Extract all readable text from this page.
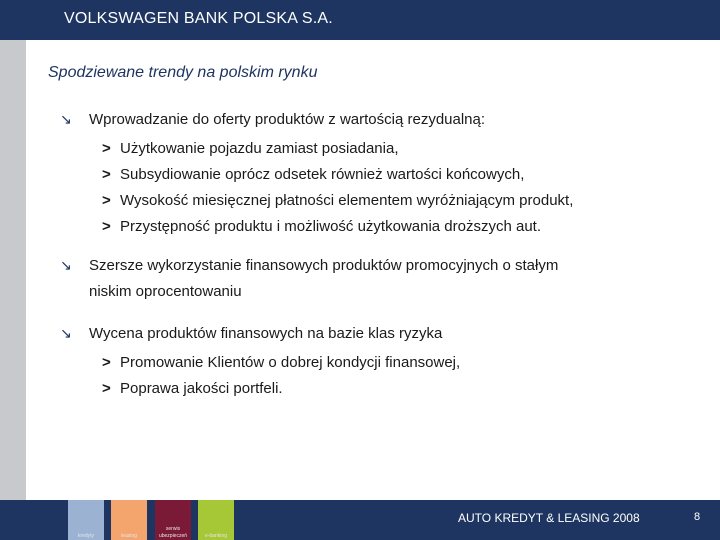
VOLKSWAGEN BANK POLSKA S.A.
Spodziewane trendy na polskim rynku
↘	Wprowadzanie do oferty produktów z wartością rezydualną:
> Użytkowanie pojazdu zamiast posiadania,
> Subsydiowanie oprócz odsetek również wartości końcowych,
> Wysokość miesięcznej płatności elementem wyróżniającym produkt,
> Przystępność produktu i możliwość użytkowania droższych aut.
↘	Szersze wykorzystanie finansowych produktów promocyjnych o stałym
niskim oprocentowaniu
↘	Wycena produktów finansowych na bazie klas ryzyka
> Promowanie Klientów o dobrej kondycji finansowej,
> Poprawa jakości portfeli.
kredyty	leasing
serwis
ubezpieczeń	e-banking
AUTO KREDYT & LEASING 2008	8
